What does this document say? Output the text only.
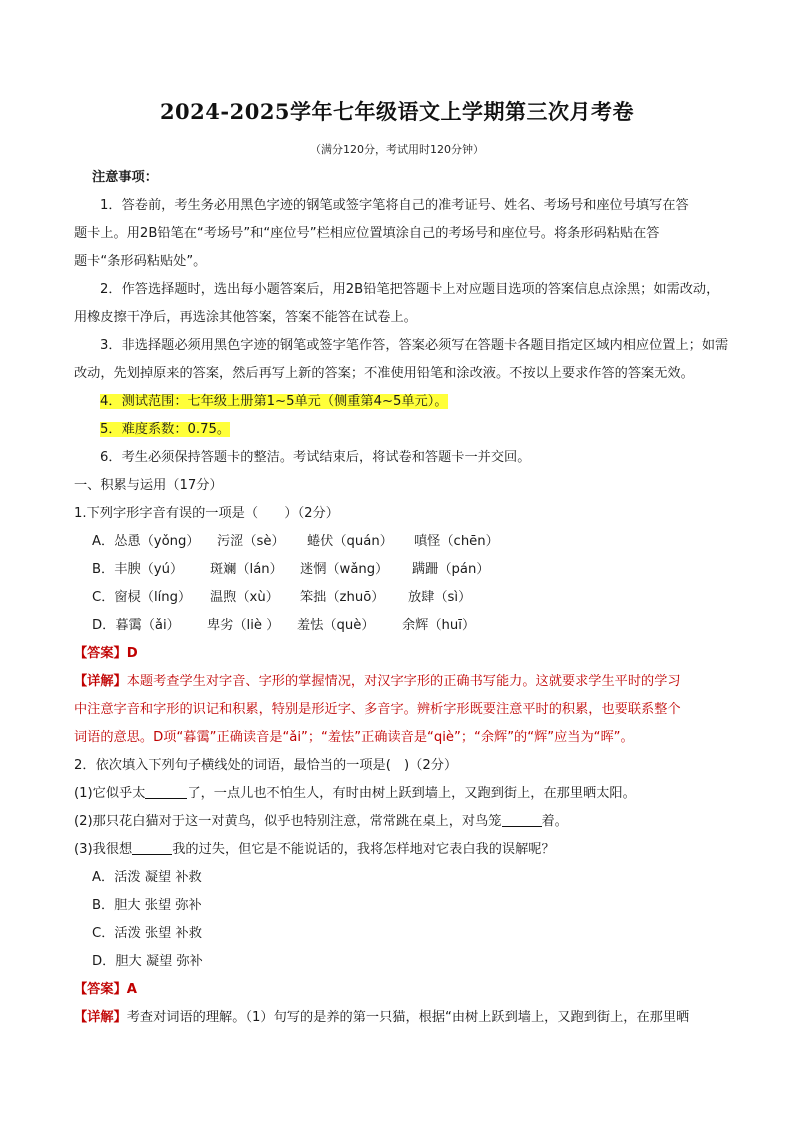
2024-2025学年七年级语文上学期第三次月考卷
（满分120分，考试用时120分钟）
注意事项：
1．答卷前，考生务必用黑色字迹的钢笔或签字笔将自己的准考证号、姓名、考场号和座位号填写在答
题卡上。用2B铅笔在“考场号”和“座位号”栏相应位置填涂自己的考场号和座位号。将条形码粘贴在答
题卡“条形码粘贴处”。
2．作答选择题时，选出每小题答案后，用2B铅笔把答题卡上对应题目选项的答案信息点涂黑；如需改动，
用橡皮擦干净后，再选涂其他答案，答案不能答在试卷上。
3．非选择题必须用黑色字迹的钢笔或签字笔作答，答案必须写在答题卡各题目指定区域内相应位置上；如需
改动，先划掉原来的答案，然后再写上新的答案；不准使用铅笔和涂改液。不按以上要求作答的答案无效。
4．测试范围：七年级上册第1~5单元（侧重第4~5单元）。
5．难度系数：0.75。
6．考生必须保持答题卡的整洁。考试结束后，将试卷和答题卡一并交回。
一、积累与运用（17分）
1.下列字形字音有误的一项是（　　）（2分）
A．怂恿（yǒng） 污涩（sè） 蜷伏（quán） 嗔怪（chēn）
B．丰腴（yú） 斑斓（lán） 迷惘（wǎng） 蹒跚（pán）
C．窗棂（líng） 温煦（xù） 笨拙（zhuō） 放肆（sì）
D．暮霭（ǎi） 卑劣（liè ） 羞怯（què） 余辉（huī）
【答案】D
【详解】本题考查学生对字音、字形的掌握情况，对汉字字形的正确书写能力。这就要求学生平时的学习
中注意字音和字形的识记和积累，特别是形近字、多音字。辨析字形既要注意平时的积累，也要联系整个
词语的意思。D项“暮霭”正确读音是“ǎi”；“羞怯”正确读音是“qiè”；“余辉”的“辉”应当为“晖”。
2．依次填入下列句子横线处的词语，最恰当的一项是(　)（2分）
(1)它似乎太	了，一点儿也不怕生人，有时由树上跃到墙上，又跑到街上，在那里晒太阳。
(2)那只花白猫对于这一对黄鸟，似乎也特别注意，常常跳在桌上，对鸟笼	着。
(3)我很想	我的过失，但它是不能说话的，我将怎样地对它表白我的误解呢？
A．活泼 凝望 补救
B．胆大 张望 弥补
C．活泼 张望 补救
D．胆大 凝望 弥补
【答案】A
【详解】考查对词语的理解。（1）句写的是养的第一只猫，根据“由树上跃到墙上，又跑到街上，在那里晒
